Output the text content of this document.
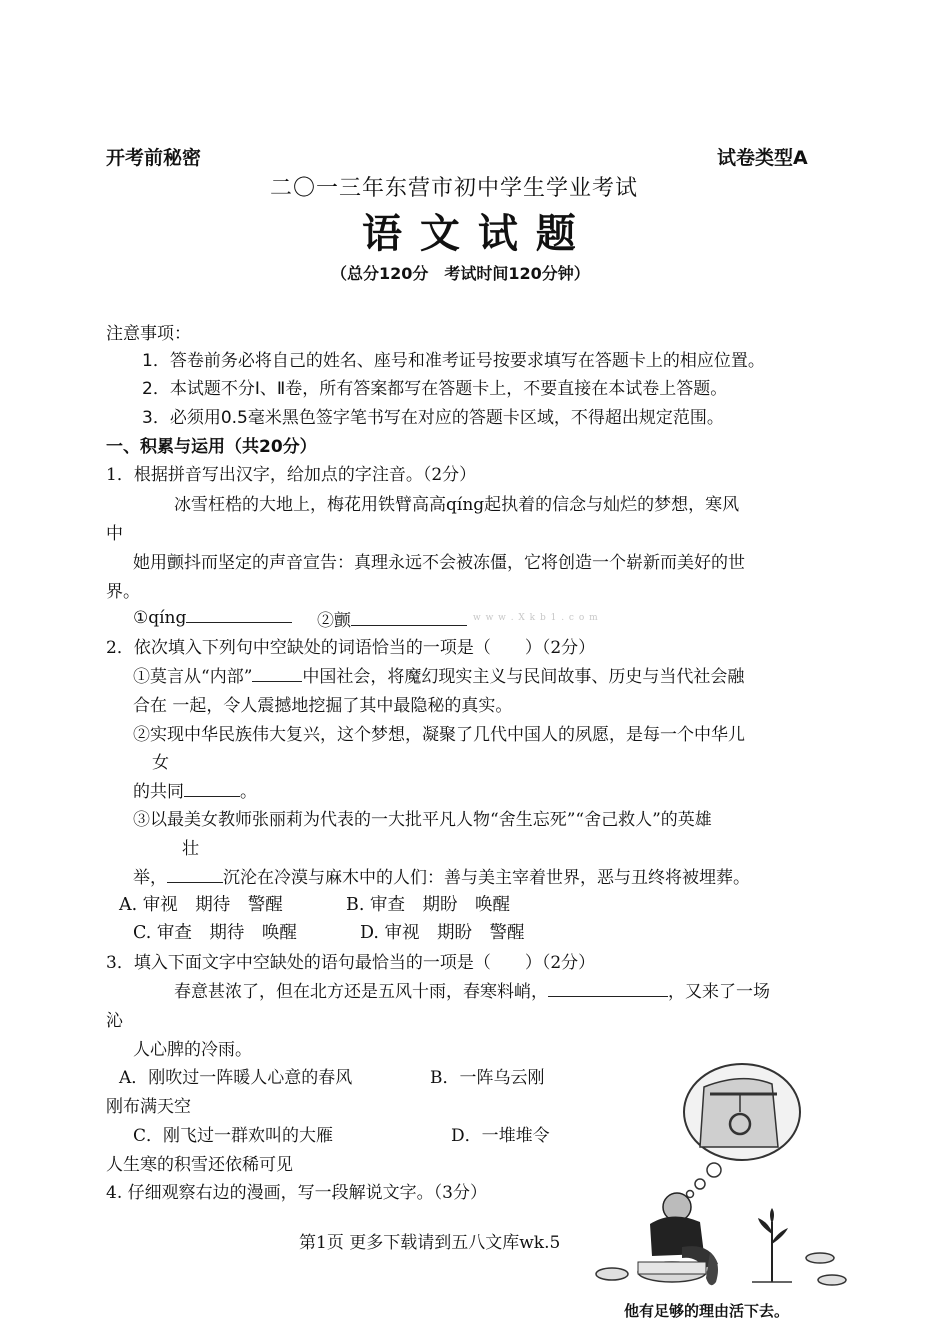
开考前秘密	试卷类型A
二〇一三年东营市初中学生学业考试
语 文 试 题
（总分120分　考试时间120分钟）
注意事项：
1．答卷前务必将自己的姓名、座号和准考证号按要求填写在答题卡上的相应位置。
2．本试题不分Ⅰ、Ⅱ卷，所有答案都写在答题卡上，不要直接在本试卷上答题。
3．必须用0.5毫米黑色签字笔书写在对应的答题卡区域，不得超出规定范围。
一、积累与运用（共20分）
1．根据拼音写出汉字，给加点的字注音。（2分）
冰雪枉梏的大地上，梅花用铁臂高高qíng起执着的信念与灿烂的梦想，寒风
中
她用颤抖而坚定的声音宣告：真理永远不会被冻僵，它将创造一个崭新而美好的世
界。
①qíng	②颤	w w w . X k b 1 . c o m
2．依次填入下列句中空缺处的词语恰当的一项是（　　）（2分）
①莫言从“内部”	中国社会，将魔幻现实主义与民间故事、历史与当代社会融
合在 一起，令人震撼地挖掘了其中最隐秘的真实。
②实现中华民族伟大复兴，这个梦想，凝聚了几代中国人的夙愿，是每一个中华儿
女
的共同	。
③以最美女教师张丽莉为代表的一大批平凡人物“舍生忘死”“舍己救人”的英雄
壮
举，	沉沦在冷漠与麻木中的人们：善与美主宰着世界，恶与丑终将被埋葬。
A. 审视　期待　警醒	B. 审查　期盼　唤醒
C. 审查　期待　唤醒	D. 审视　期盼　警醒
3．填入下面文字中空缺处的语句最恰当的一项是（　　）（2分）
春意甚浓了，但在北方还是五风十雨，春寒料峭，	，又来了一场
沁
人心脾的冷雨。
A．刚吹过一阵暖人心意的春风	B．一阵乌云刚
刚布满天空
C．刚飞过一群欢叫的大雁	D．一堆堆令
人生寒的积雪还依稀可见
4. 仔细观察右边的漫画，写一段解说文字。（3分）
第1页 更多下载请到五八文库wk.5
他有足够的理由活下去。
